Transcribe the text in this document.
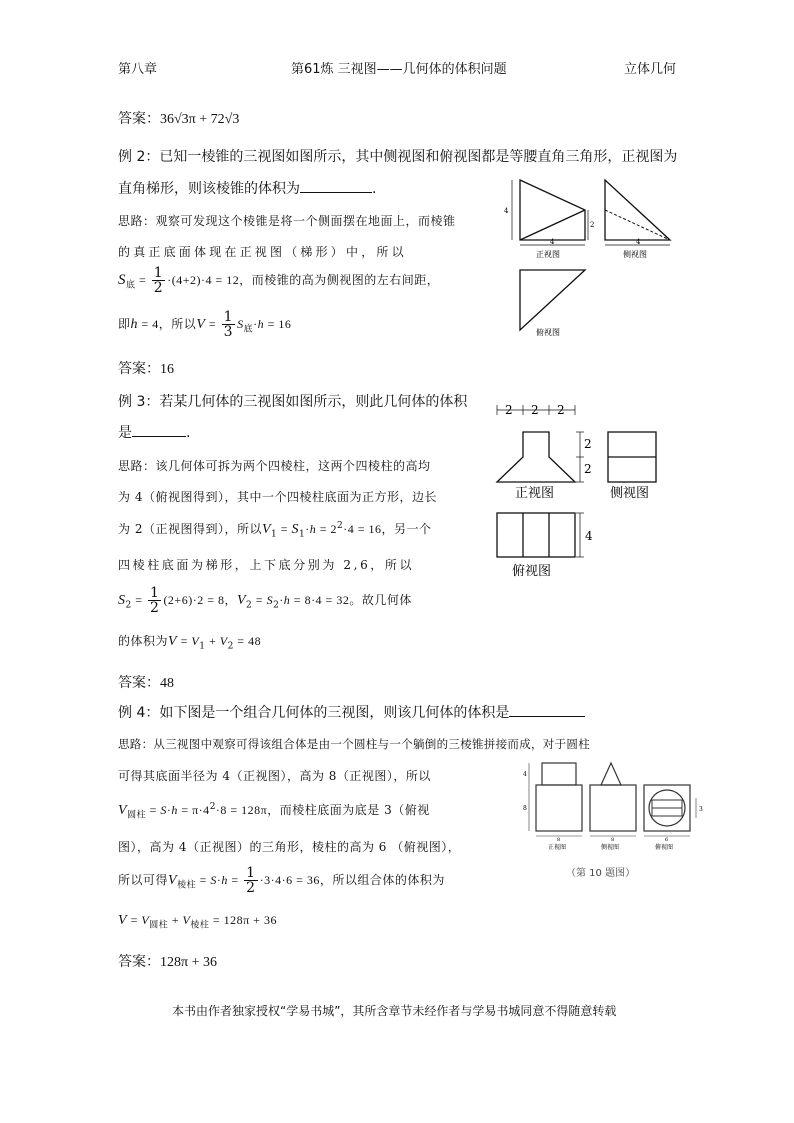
第八章	第61炼 三视图——几何体的体积问题	立体几何
答案：36√3π + 72√3
例 2：已知一棱锥的三视图如图所示，其中侧视图和俯视图都是等腰直角三角形，正视图为
直角梯形，则该棱锥的体积为	.
思路：观察可发现这个棱锥是将一个侧面摆在地面上，而棱锥
的真正底面体现在正视图（梯形）中，所以
$S_底 = \frac{1}{2} \cdot(4+2)\cdot 4 = 12$，而棱锥的高为侧视图的左右间距，
即h = 4，所以$V = \frac{1}{3} S_底\cdot h = 16$
答案：16
4
2
4
正视图
4
侧视图
俯视图
例 3：若某几何体的三视图如图所示，则此几何体的体积
是	.
思路：该几何体可拆为两个四棱柱，这两个四棱柱的高均
为 4（俯视图得到），其中一个四棱柱底面为正方形，边长
为 2（正视图得到），所以$V_1 = S_1\cdot h = 2^2\cdot 4 = 16$，另一个
四棱柱底面为梯形，上下底分别为 2,6，所以
$S_2 = \frac{1}{2} (2+6)\cdot 2 = 8$，$V_2 = S_2\cdot h = 8\cdot 4 = 32$。故几何体
的体积为$V = V_1 + V_2 = 48$
答案：48
2 2 2
2
2
正视图	侧视图
4
俯视图
例 4：如下图是一个组合几何体的三视图，则该几何体的体积是
思路：从三视图中观察可得该组合体是由一个圆柱与一个躺倒的三棱锥拼接而成，对于圆柱
可得其底面半径为 4（正视图），高为 8（正视图），所以
$V_{圆柱} = S\cdot h = \pi\cdot 4^2\cdot 8 = 128\pi$，而棱柱底面为底是 3（俯视
图），高为 4（正视图）的三角形，棱柱的高为 6 （俯视图），
所以可得$V_{棱柱} = S\cdot h = \frac{1}{2} \cdot 3\cdot 4\cdot 6 = 36$，所以组合体的体积为
$V = V_{圆柱} + V_{棱柱} = 128\pi + 36$
答案：128π + 36
4
8
8
正视图
8
侧视图
3
6
俯视图
（第 10 题图）
本书由作者独家授权“学易书城”，其所含章节未经作者与学易书城同意不得随意转载
